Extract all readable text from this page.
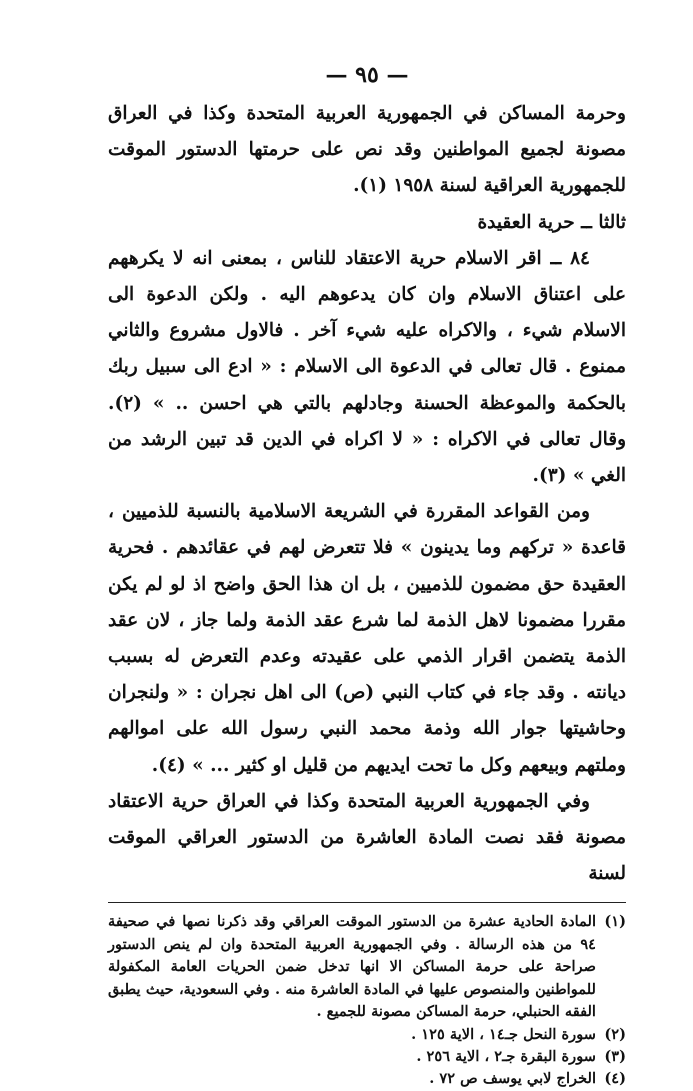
— ٩٥ —

وحرمة المساكن في الجمهورية العربية المتحدة وكذا في العراق مصونة لجميع المواطنين وقد نص على حرمتها الدستور الموقت للجمهورية العراقية لسنة ١٩٥٨ (١).

ثالثا ــ حرية العقيدة

٨٤ ــ اقر الاسلام حرية الاعتقاد للناس ، بمعنى انه لا يكرههم على اعتناق الاسلام وان كان يدعوهم اليه . ولكن الدعوة الى الاسلام شيء ، والاكراه عليه شيء آخر . فالاول مشروع والثاني ممنوع . قال تعالى في الدعوة الى الاسلام : « ادع الى سبيل ربك بالحكمة والموعظة الحسنة وجادلهم بالتي هي احسن .. » (٢). وقال تعالى في الاكراه : « لا اكراه في الدين قد تبين الرشد من الغي » (٣).

ومن القواعد المقررة في الشريعة الاسلامية بالنسبة للذميين ، قاعدة « تركهم وما يدينون » فلا تتعرض لهم في عقائدهم . فحرية العقيدة حق مضمون للذميين ، بل ان هذا الحق واضح اذ لو لم يكن مقررا مضمونا لاهل الذمة لما شرع عقد الذمة ولما جاز ، لان عقد الذمة يتضمن اقرار الذمي على عقيدته وعدم التعرض له بسبب ديانته . وقد جاء في كتاب النبي (ص) الى اهل نجران : « ولنجران وحاشيتها جوار الله وذمة محمد النبي رسول الله على اموالهم وملتهم وبيعهم وكل ما تحت ايديهم من قليل او كثير ... » (٤).

وفي الجمهورية العربية المتحدة وكذا في العراق حرية الاعتقاد مصونة فقد نصت المادة العاشرة من الدستور العراقي الموقت لسنة

(١)
المادة الحادية عشرة من الدستور الموقت العراقي وقد ذكرنا نصها في صحيفة ٩٤ من هذه الرسالة . وفي الجمهورية العربية المتحدة وان لم ينص الدستور صراحة على حرمة المساكن الا انها تدخل ضمن الحريات العامة المكفولة للمواطنين والمنصوص عليها في المادة العاشرة منه . وفي السعودية، حيث يطبق الفقه الحنبلي، حرمة المساكن مصونة للجميع .
(٢)
سورة النحل جـ١٤ ، الاية ١٢٥ .
(٣)
سورة البقرة جـ٢ ، الاية ٢٥٦ .
(٤)
الخراج لابي يوسف ص ٧٢ .
